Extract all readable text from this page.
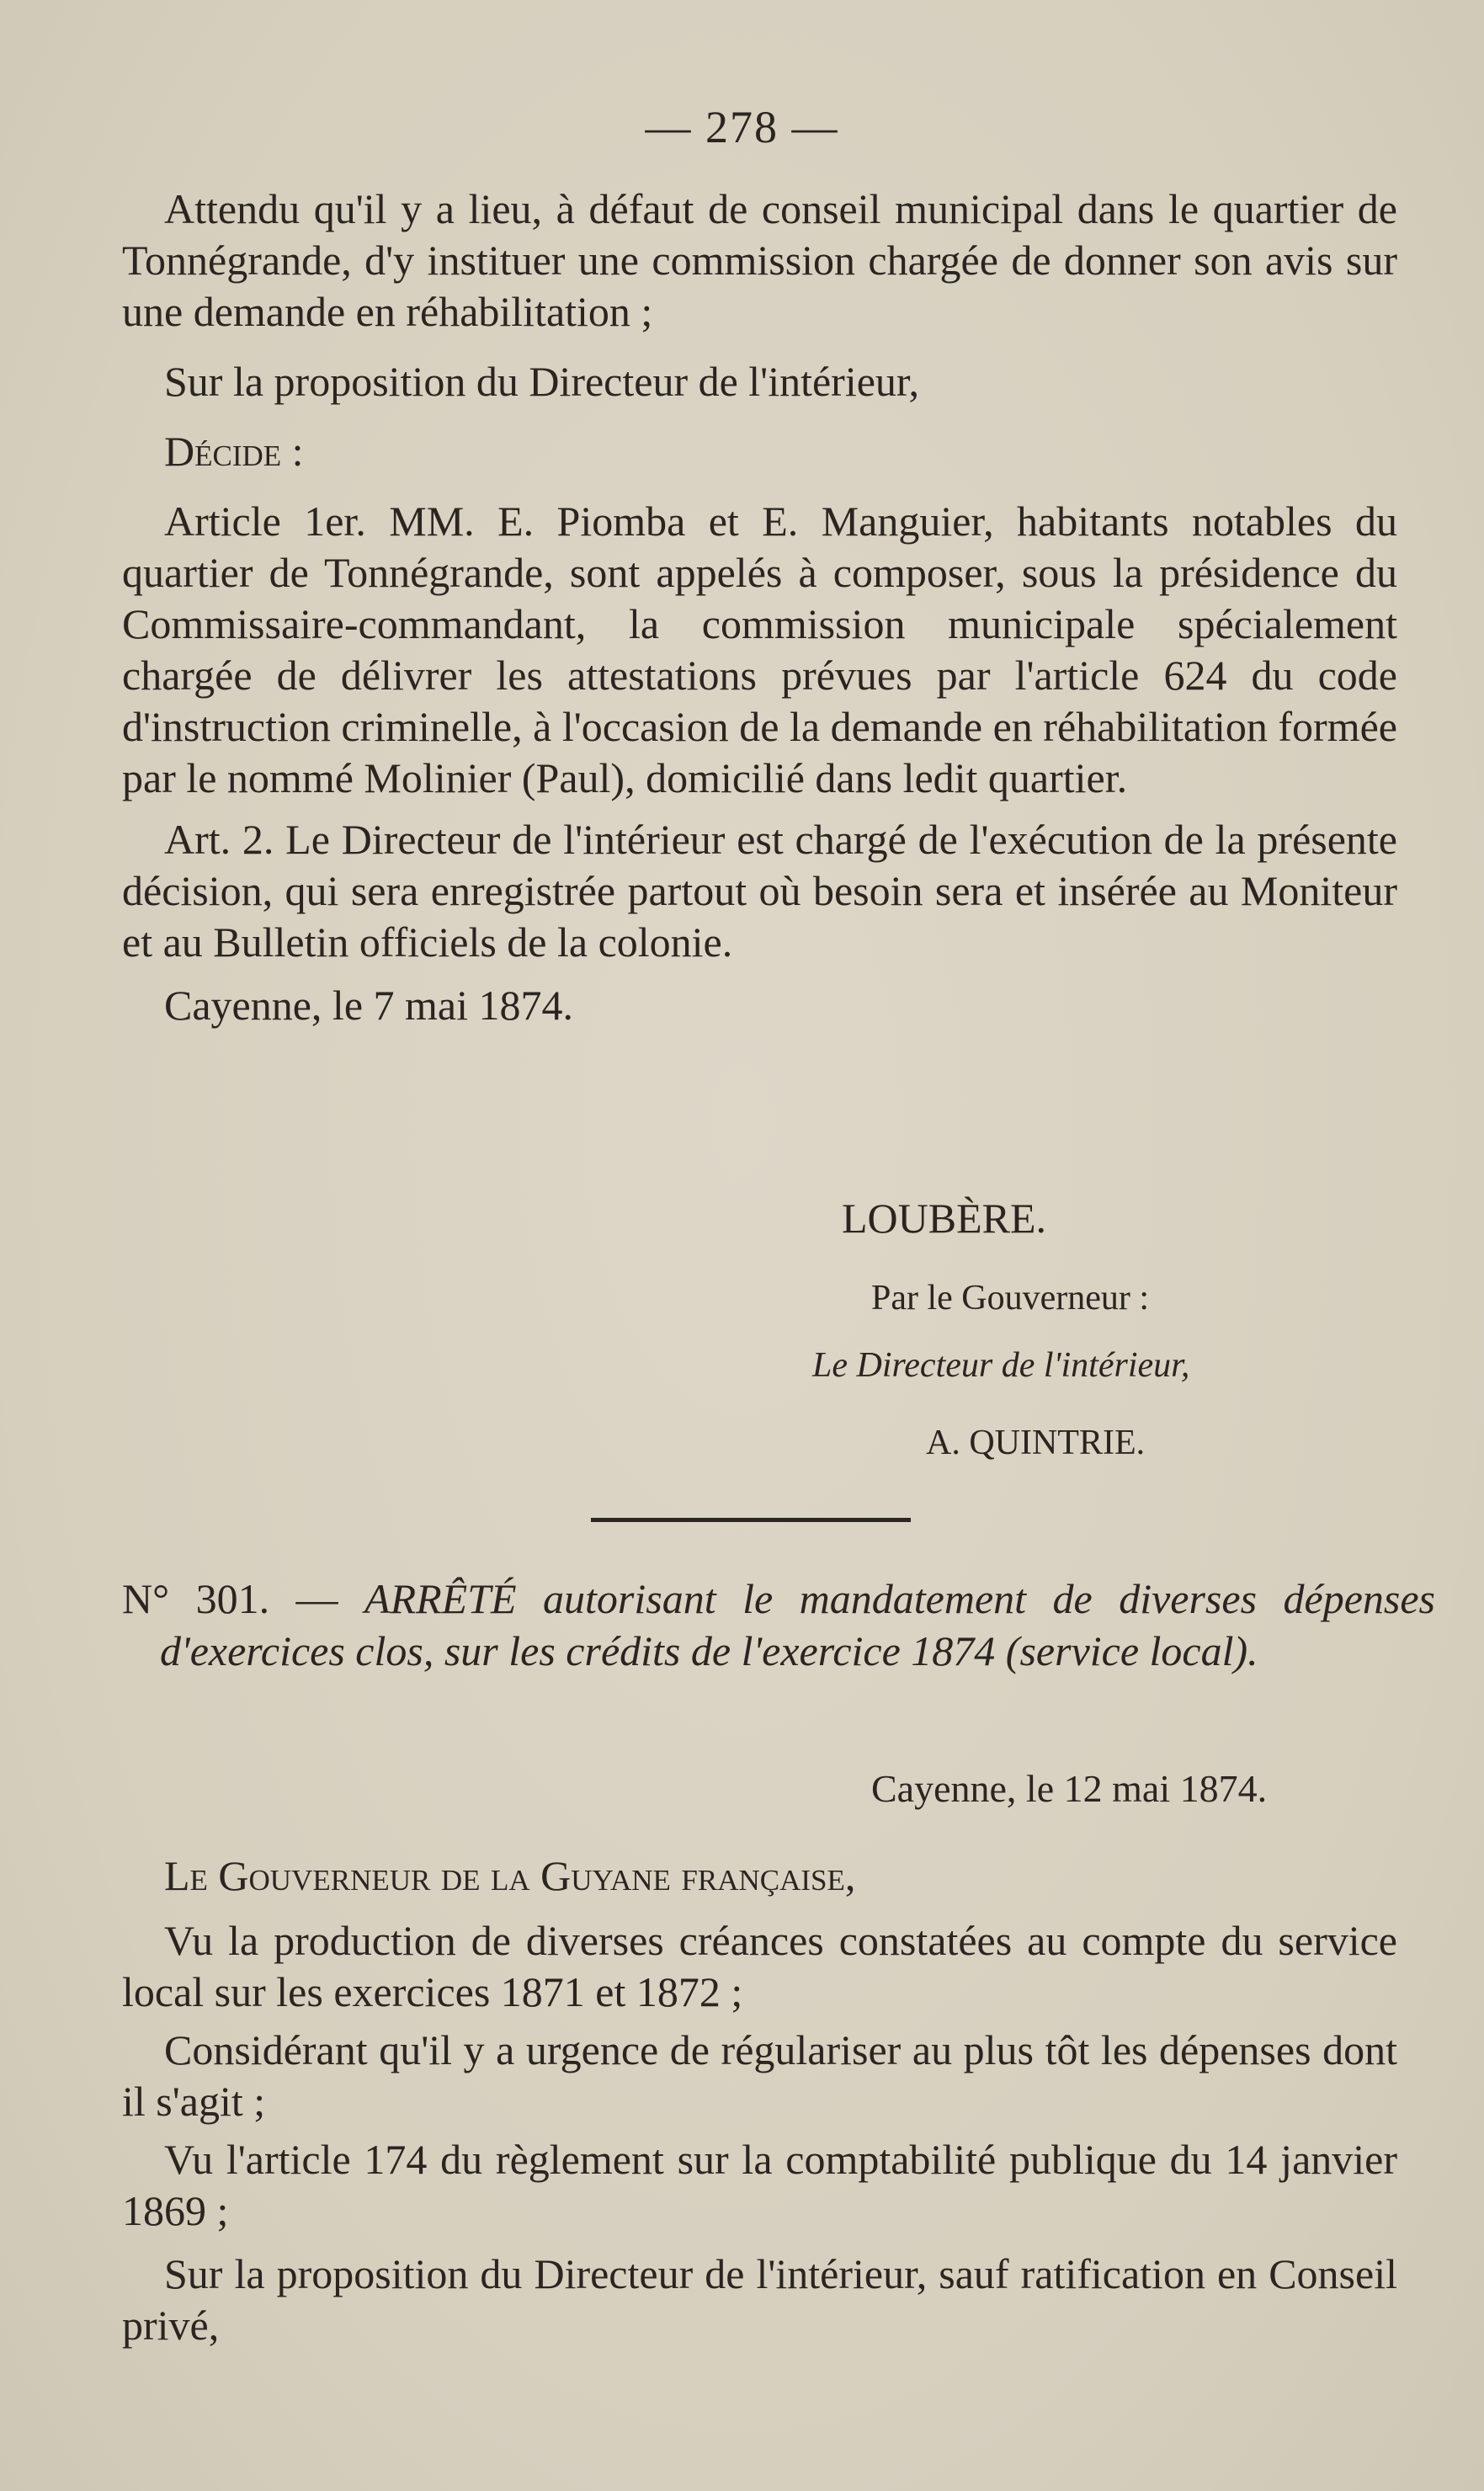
— 278 —

Attendu qu'il y a lieu, à défaut de conseil municipal dans le quartier de Tonnégrande, d'y instituer une commission chargée de donner son avis sur une demande en réhabilitation ;

Sur la proposition du Directeur de l'intérieur,

Décide :

Article 1er. MM. E. Piomba et E. Manguier, habitants notables du quartier de Tonnégrande, sont appelés à composer, sous la présidence du Commissaire-commandant, la commission municipale spécialement chargée de délivrer les attestations prévues par l'article 624 du code d'instruction criminelle, à l'occasion de la demande en réhabilitation formée par le nommé Molinier (Paul), domicilié dans ledit quartier.

Art. 2. Le Directeur de l'intérieur est chargé de l'exécution de la présente décision, qui sera enregistrée partout où besoin sera et insérée au Moniteur et au Bulletin officiels de la colonie.

Cayenne, le 7 mai 1874.

LOUBÈRE.
Par le Gouverneur :
Le Directeur de l'intérieur,
A. QUINTRIE.
N° 301. — ARRÊTÉ autorisant le mandatement de diverses dépenses d'exercices clos, sur les crédits de l'exercice 1874 (service local).
Cayenne, le 12 mai 1874.

Le Gouverneur de la Guyane française,

Vu la production de diverses créances constatées au compte du service local sur les exercices 1871 et 1872 ;

Considérant qu'il y a urgence de régulariser au plus tôt les dépenses dont il s'agit ;

Vu l'article 174 du règlement sur la comptabilité publique du 14 janvier 1869 ;

Sur la proposition du Directeur de l'intérieur, sauf ratification en Conseil privé,
